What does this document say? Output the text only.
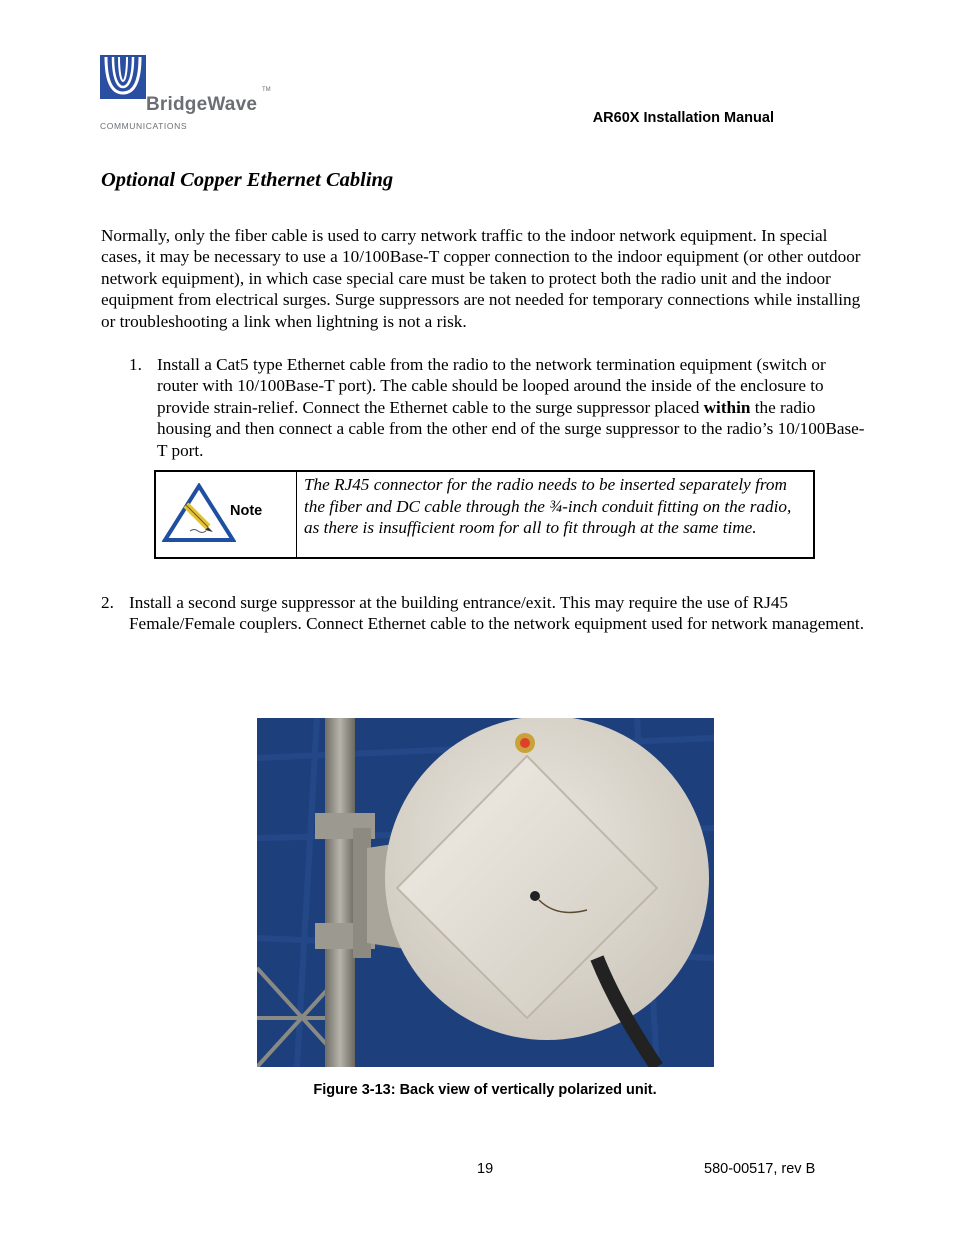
TM
BridgeWave
COMMUNICATIONS	AR60X Installation Manual
Optional Copper Ethernet Cabling

Normally, only the fiber cable is used to carry network traffic to the indoor network equipment. In special cases, it may be necessary to use a 10/100Base-T copper connection to the indoor equipment (or other outdoor network equipment), in which case special care must be taken to protect both the radio unit and the indoor equipment from electrical surges. Surge suppressors are not needed for temporary connections while installing or troubleshooting a link when lightning is not a risk.

1. Install a Cat5 type Ethernet cable from the radio to the network termination equipment (switch or router with 10/100Base-T port). The cable should be looped around the inside of the enclosure to provide strain-relief. Connect the Ethernet cable to the surge suppressor placed within the radio housing and then connect a cable from the other end of the surge suppressor to the radio’s 10/100Base-T port.
Note
The RJ45 connector for the radio needs to be inserted separately from the fiber and DC cable through the ¾-inch conduit fitting on the radio, as there is insufficient room for all to fit through at the same time.
2. Install a second surge suppressor at the building entrance/exit. This may require the use of RJ45 Female/Female couplers. Connect Ethernet cable to the network equipment used for network management.
Figure 3-13: Back view of vertically polarized unit.
19	580-00517, rev B
